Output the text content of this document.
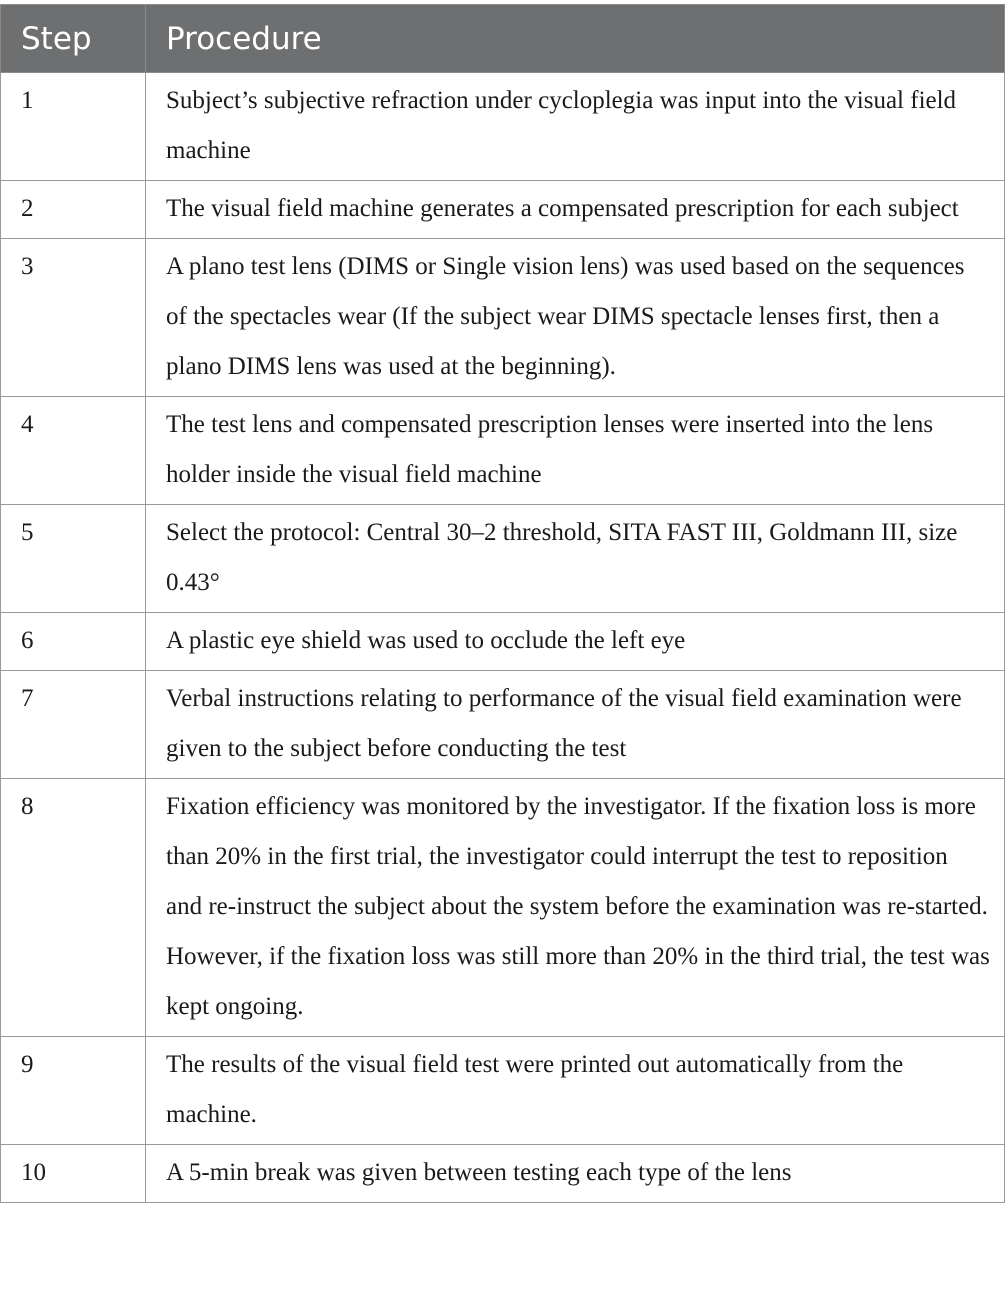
Step	Procedure
1	Subject’s subjective refraction under cycloplegia was input into the visual field machine
2	The visual field machine generates a compensated prescription for each subject
3	A plano test lens (DIMS or Single vision lens) was used based on the sequences of the spectacles wear (If the subject wear DIMS spectacle lenses first, then a plano DIMS lens was used at the beginning).
4	The test lens and compensated prescription lenses were inserted into the lens holder inside the visual field machine
5	Select the protocol: Central 30–2 threshold, SITA FAST III, Goldmann III, size 0.43°
6	A plastic eye shield was used to occlude the left eye
7	Verbal instructions relating to performance of the visual field examination were given to the subject before conducting the test
8	Fixation efficiency was monitored by the investigator. If the fixation loss is more than 20% in the first trial, the investigator could interrupt the test to reposition and re-instruct the subject about the system before the examination was re-started. However, if the fixation loss was still more than 20% in the third trial, the test was kept ongoing.
9	The results of the visual field test were printed out automatically from the machine.
10	A 5-min break was given between testing each type of the lens
